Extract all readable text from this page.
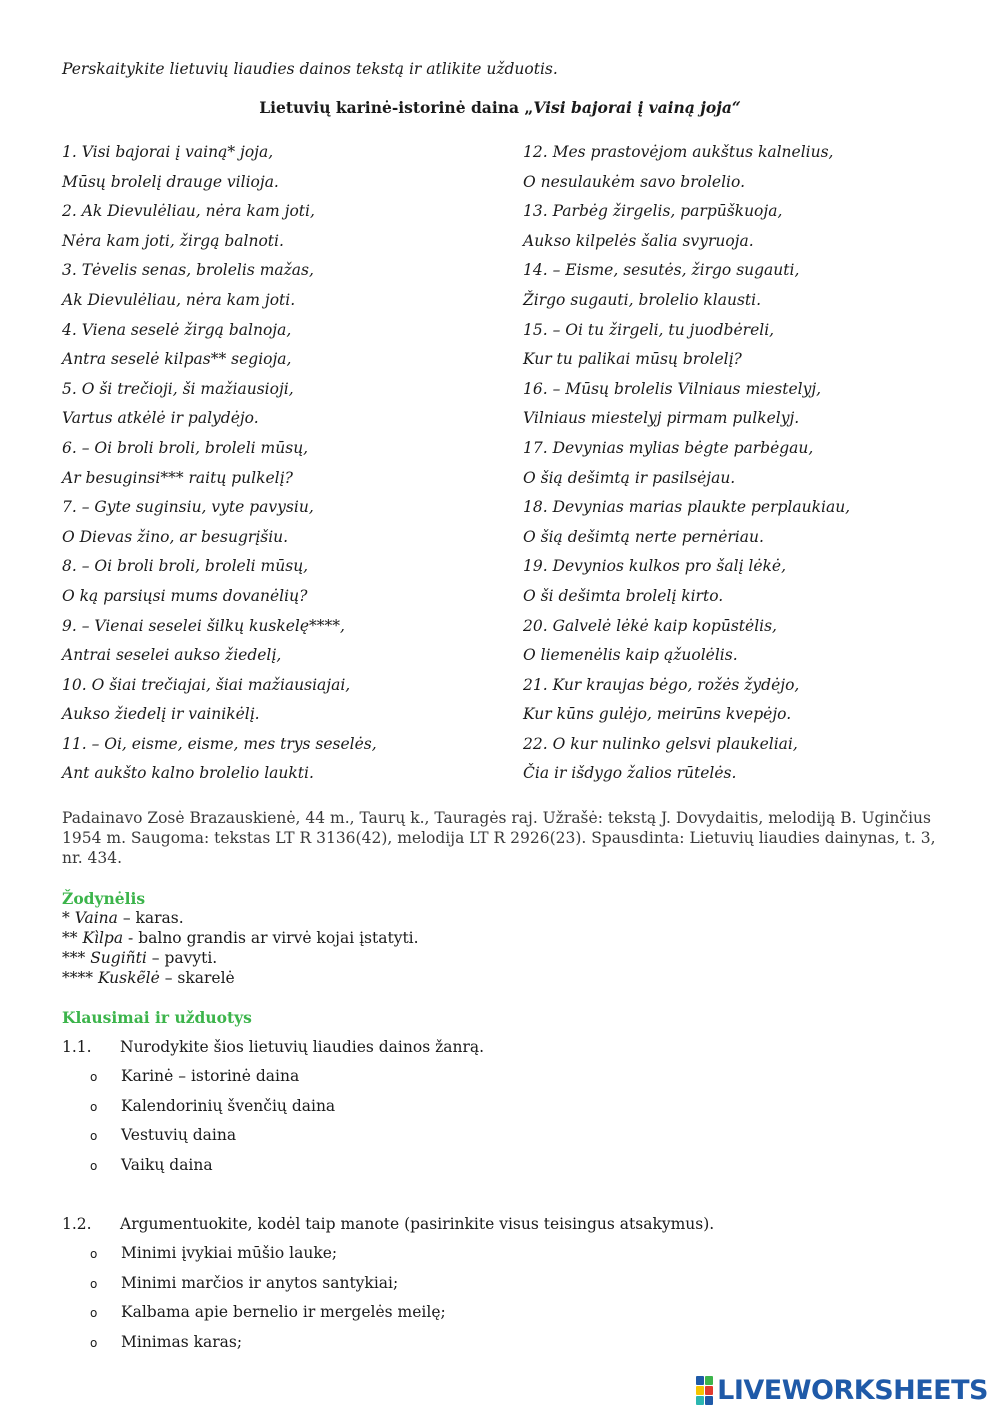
Perskaitykite lietuvių liaudies dainos tekstą ir atlikite užduotis.
Lietuvių karinė-istorinė daina „Visi bajorai į vainą joja“
1. Visi bajorai į vainą* joja,
Mūsų brolelį drauge vilioja.
2. Ak Dievulėliau, nėra kam joti,
Nėra kam joti, žirgą balnoti.
3. Tėvelis senas, brolelis mažas,
Ak Dievulėliau, nėra kam joti.
4. Viena seselė žirgą balnoja,
Antra seselė kilpas** segioja,
5. O ši trečioji, ši mažiausioji,
Vartus atkėlė ir palydėjo.
6. – Oi broli broli, broleli mūsų,
Ar besuginsi*** raitų pulkelį?
7. – Gyte suginsiu, vyte pavysiu,
O Dievas žino, ar besugrįšiu.
8. – Oi broli broli, broleli mūsų,
O ką parsiųsi mums dovanėlių?
9. – Vienai seselei šilkų kuskelę****,
Antrai seselei aukso žiedelį,
10. O šiai trečiajai, šiai mažiausiajai,
Aukso žiedelį ir vainikėlį.
11. – Oi, eisme, eisme, mes trys seselės,
Ant aukšto kalno brolelio laukti.
12. Mes prastovėjom aukštus kalnelius,
O nesulaukėm savo brolelio.
13. Parbėg žirgelis, parpūškuoja,
Aukso kilpelės šalia svyruoja.
14. – Eisme, sesutės, žirgo sugauti,
Žirgo sugauti, brolelio klausti.
15. – Oi tu žirgeli, tu juodbėreli,
Kur tu palikai mūsų brolelį?
16. – Mūsų brolelis Vilniaus miestelyj,
Vilniaus miestelyj pirmam pulkelyj.
17. Devynias mylias bėgte parbėgau,
O šią dešimtą ir pasilsėjau.
18. Devynias marias plaukte perplaukiau,
O šią dešimtą nerte pernėriau.
19. Devynios kulkos pro šalį lėkė,
O ši dešimta brolelį kirto.
20. Galvelė lėkė kaip kopūstėlis,
O liemenėlis kaip ąžuolėlis.
21. Kur kraujas bėgo, rožės žydėjo,
Kur kūns gulėjo, meirūns kvepėjo.
22. O kur nulinko gelsvi plaukeliai,
Čia ir išdygo žalios rūtelės.
Padainavo Zosė Brazauskienė, 44 m., Taurų k., Tauragės raj. Užrašė: tekstą J. Dovydaitis, melodiją B. Uginčius 1954 m. Saugoma: tekstas LT R 3136(42), melodija LT R 2926(23). Spausdinta: Lietuvių liaudies dainynas, t. 3, nr. 434.
Žodynėlis
* Vaina – karas.
** Kìlpa - balno grandis ar virvė kojai įstatyti.
*** Sugiñti – pavyti.
**** Kuskẽlė – skarelė
Klausimai ir užduotys
1.1. Nurodykite šios lietuvių liaudies dainos žanrą.
o Karinė – istorinė daina
o Kalendorinių švenčių daina
o Vestuvių daina
o Vaikų daina
1.2. Argumentuokite, kodėl taip manote (pasirinkite visus teisingus atsakymus).
o Minimi įvykiai mūšio lauke;
o Minimi marčios ir anytos santykiai;
o Kalbama apie bernelio ir mergelės meilę;
o Minimas karas;
LIVEWORKSHEETS
